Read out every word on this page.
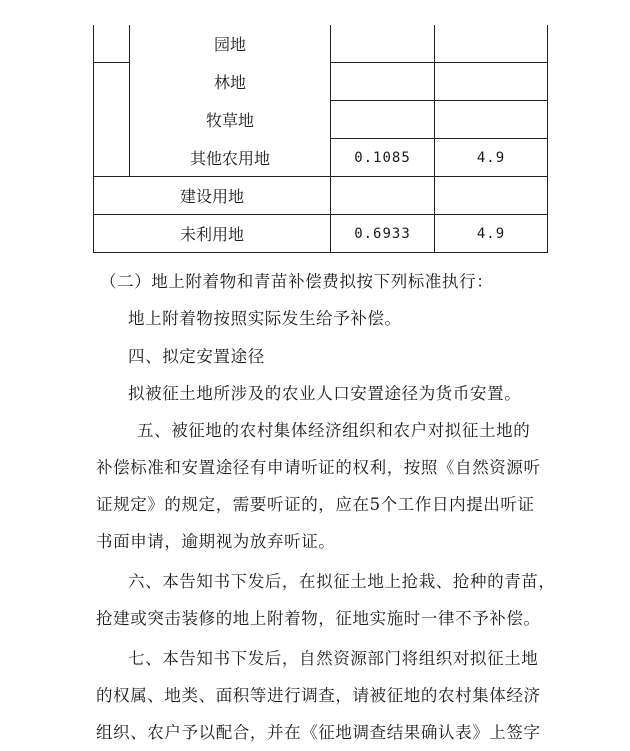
	园地		
	林地		
	牧草地		
	其他农用地	0.1085	4.9
建设用地			
未利用地		0.6933	4.9

（二）地上附着物和青苗补偿费拟按下列标准执行：

地上附着物按照实际发生给予补偿。

四、拟定安置途径

拟被征土地所涉及的农业人口安置途径为货币安置。

五、被征地的农村集体经济组织和农户对拟征土地的

补偿标准和安置途径有申请听证的权利，按照《自然资源听

证规定》的规定，需要听证的，应在5个工作日内提出听证

书面申请，逾期视为放弃听证。

六、本告知书下发后，在拟征土地上抢栽、抢种的青苗，

抢建或突击装修的地上附着物，征地实施时一律不予补偿。

七、本告知书下发后，自然资源部门将组织对拟征土地

的权属、地类、面积等进行调查，请被征地的农村集体经济

组织、农户予以配合，并在《征地调查结果确认表》上签字
